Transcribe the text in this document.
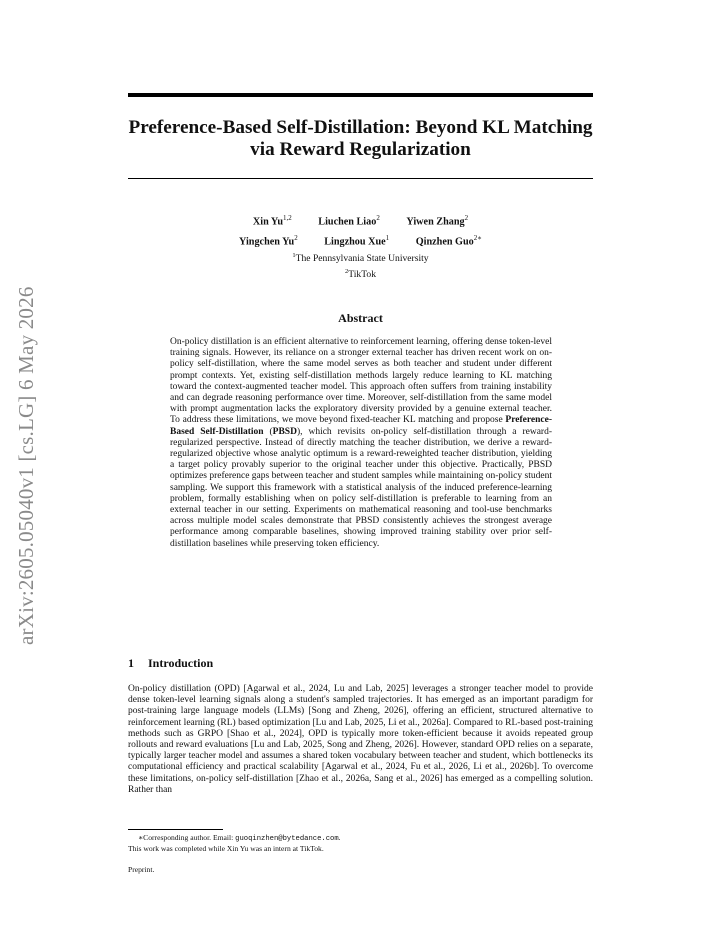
arXiv:2605.05040v1 [cs.LG] 6 May 2026
Preference-Based Self-Distillation: Beyond KL Matching via Reward Regularization
Xin Yu$^{1,2}$	Liuchen Liao$^2$	Yiwen Zhang$^2$
Yingchen Yu$^2$	Lingzhou Xue$^1$	Qinzhen Guo$^{2∗}$
$^1$The Pennsylvania State University
$^2$TikTok
Abstract
On-policy distillation is an efficient alternative to reinforcement learning, offering dense token-level training signals. However, its reliance on a stronger external teacher has driven recent work on on-policy self-distillation, where the same model serves as both teacher and student under different prompt contexts. Yet, existing self-distillation methods largely reduce learning to KL matching toward the context-augmented teacher model. This approach often suffers from training instability and can degrade reasoning performance over time. Moreover, self-distillation from the same model with prompt augmentation lacks the exploratory diversity provided by a genuine external teacher. To address these limitations, we move beyond fixed-teacher KL matching and propose Preference-Based Self-Distillation (PBSD), which revisits on-policy self-distillation through a reward-regularized perspective. Instead of directly matching the teacher distribution, we derive a reward-regularized objective whose analytic optimum is a reward-reweighted teacher distribution, yielding a target policy provably superior to the original teacher under this objective. Practically, PBSD optimizes preference gaps between teacher and student samples while maintaining on-policy student sampling. We support this framework with a statistical analysis of the induced preference-learning problem, formally establishing when on policy self-distillation is preferable to learning from an external teacher in our setting. Experiments on mathematical reasoning and tool-use benchmarks across multiple model scales demonstrate that PBSD consistently achieves the strongest average performance among comparable baselines, showing improved training stability over prior self-distillation baselines while preserving token efficiency.
1 Introduction
On-policy distillation (OPD) [Agarwal et al., 2024, Lu and Lab, 2025] leverages a stronger teacher model to provide dense token-level learning signals along a student's sampled trajectories. It has emerged as an important paradigm for post-training large language models (LLMs) [Song and Zheng, 2026], offering an efficient, structured alternative to reinforcement learning (RL) based optimization [Lu and Lab, 2025, Li et al., 2026a]. Compared to RL-based post-training methods such as GRPO [Shao et al., 2024], OPD is typically more token-efficient because it avoids repeated group rollouts and reward evaluations [Lu and Lab, 2025, Song and Zheng, 2026]. However, standard OPD relies on a separate, typically larger teacher model and assumes a shared token vocabulary between teacher and student, which bottlenecks its computational efficiency and practical scalability [Agarwal et al., 2024, Fu et al., 2026, Li et al., 2026b]. To overcome these limitations, on-policy self-distillation [Zhao et al., 2026a, Sang et al., 2026] has emerged as a compelling solution. Rather than
∗Corresponding author. Email: guoqinzhen@bytedance.com.
This work was completed while Xin Yu was an intern at TikTok.
Preprint.
